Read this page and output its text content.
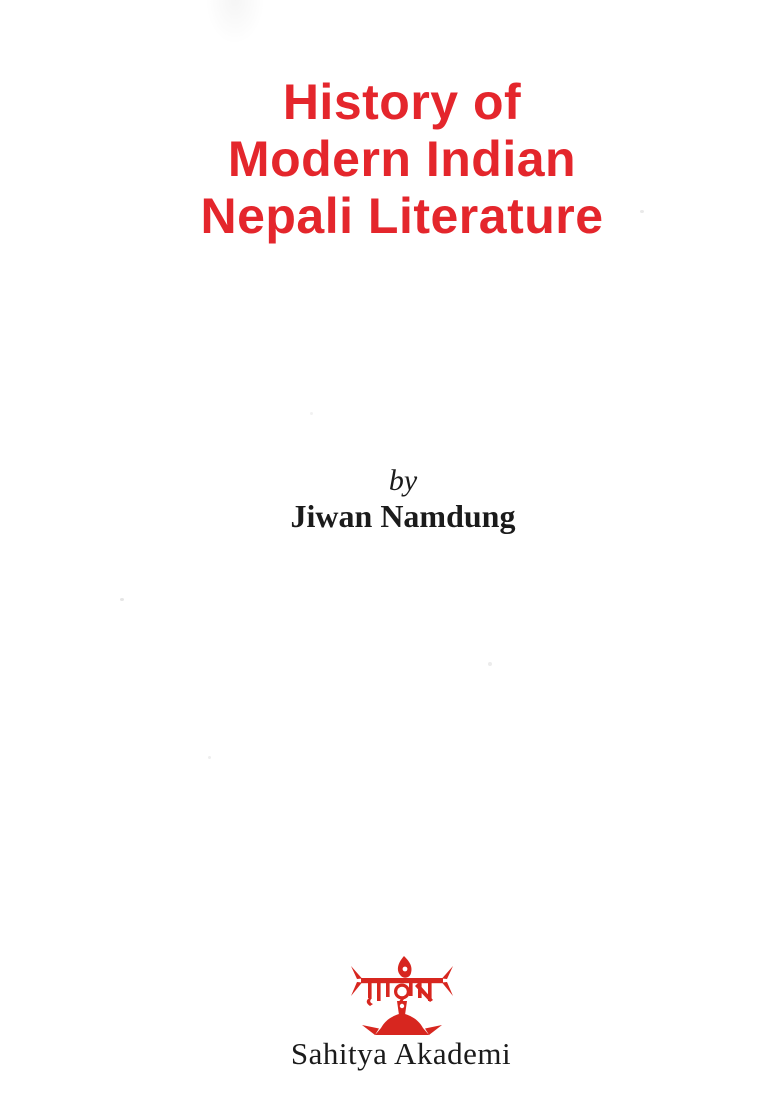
History of
Modern Indian
Nepali Literature
by
Jiwan Namdung
Sahitya Akademi
